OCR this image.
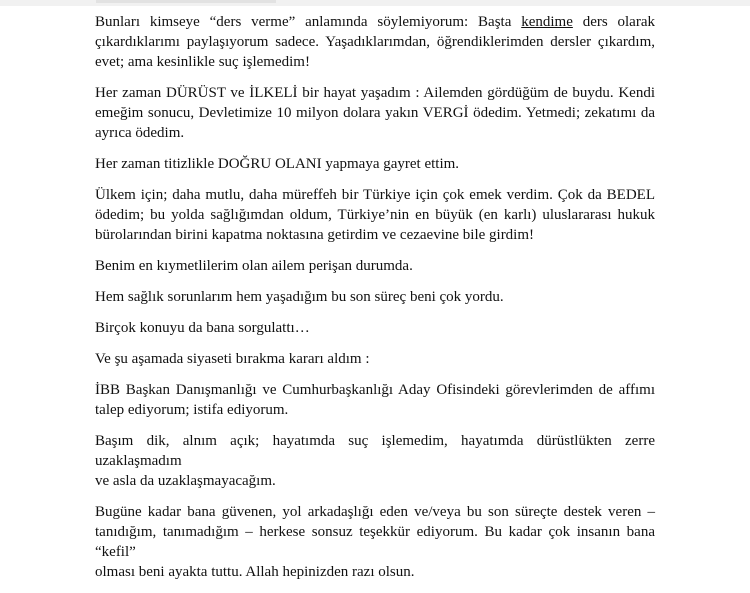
Bunları kimseye “ders verme” anlamında söylemiyorum: Başta kendime ders olarak
çıkardıklarımı paylaşıyorum sadece. Yaşadıklarımdan, öğrendiklerimden dersler çıkardım,
evet; ama kesinlikle suç işlemedim!

Her zaman DÜRÜST ve İLKELİ bir hayat yaşadım : Ailemden gördüğüm de buydu. Kendi
emeğim sonucu, Devletimize 10 milyon dolara yakın VERGİ ödedim. Yetmedi; zekatımı da
ayrıca ödedim.

Her zaman titizlikle DOĞRU OLANI yapmaya gayret ettim.

Ülkem için; daha mutlu, daha müreffeh bir Türkiye için çok emek verdim. Çok da BEDEL
ödedim; bu yolda sağlığımdan oldum, Türkiye’nin en büyük (en karlı) uluslararası hukuk
bürolarından birini kapatma noktasına getirdim ve cezaevine bile girdim!

Benim en kıymetlilerim olan ailem perişan durumda.

Hem sağlık sorunlarım hem yaşadığım bu son süreç beni çok yordu.

Birçok konuyu da bana sorgulattı…

Ve şu aşamada siyaseti bırakma kararı aldım :

İBB Başkan Danışmanlığı ve Cumhurbaşkanlığı Aday Ofisindeki görevlerimden de affımı
talep ediyorum; istifa ediyorum.

Başım dik, alnım açık; hayatımda suç işlemedim, hayatımda dürüstlükten zerre uzaklaşmadım
ve asla da uzaklaşmayacağım.

Bugüne kadar bana güvenen, yol arkadaşlığı eden ve/veya bu son süreçte destek veren –
tanıdığım, tanımadığım – herkese sonsuz teşekkür ediyorum. Bu kadar çok insanın bana “kefil”
olması beni ayakta tuttu. Allah hepinizden razı olsun.
